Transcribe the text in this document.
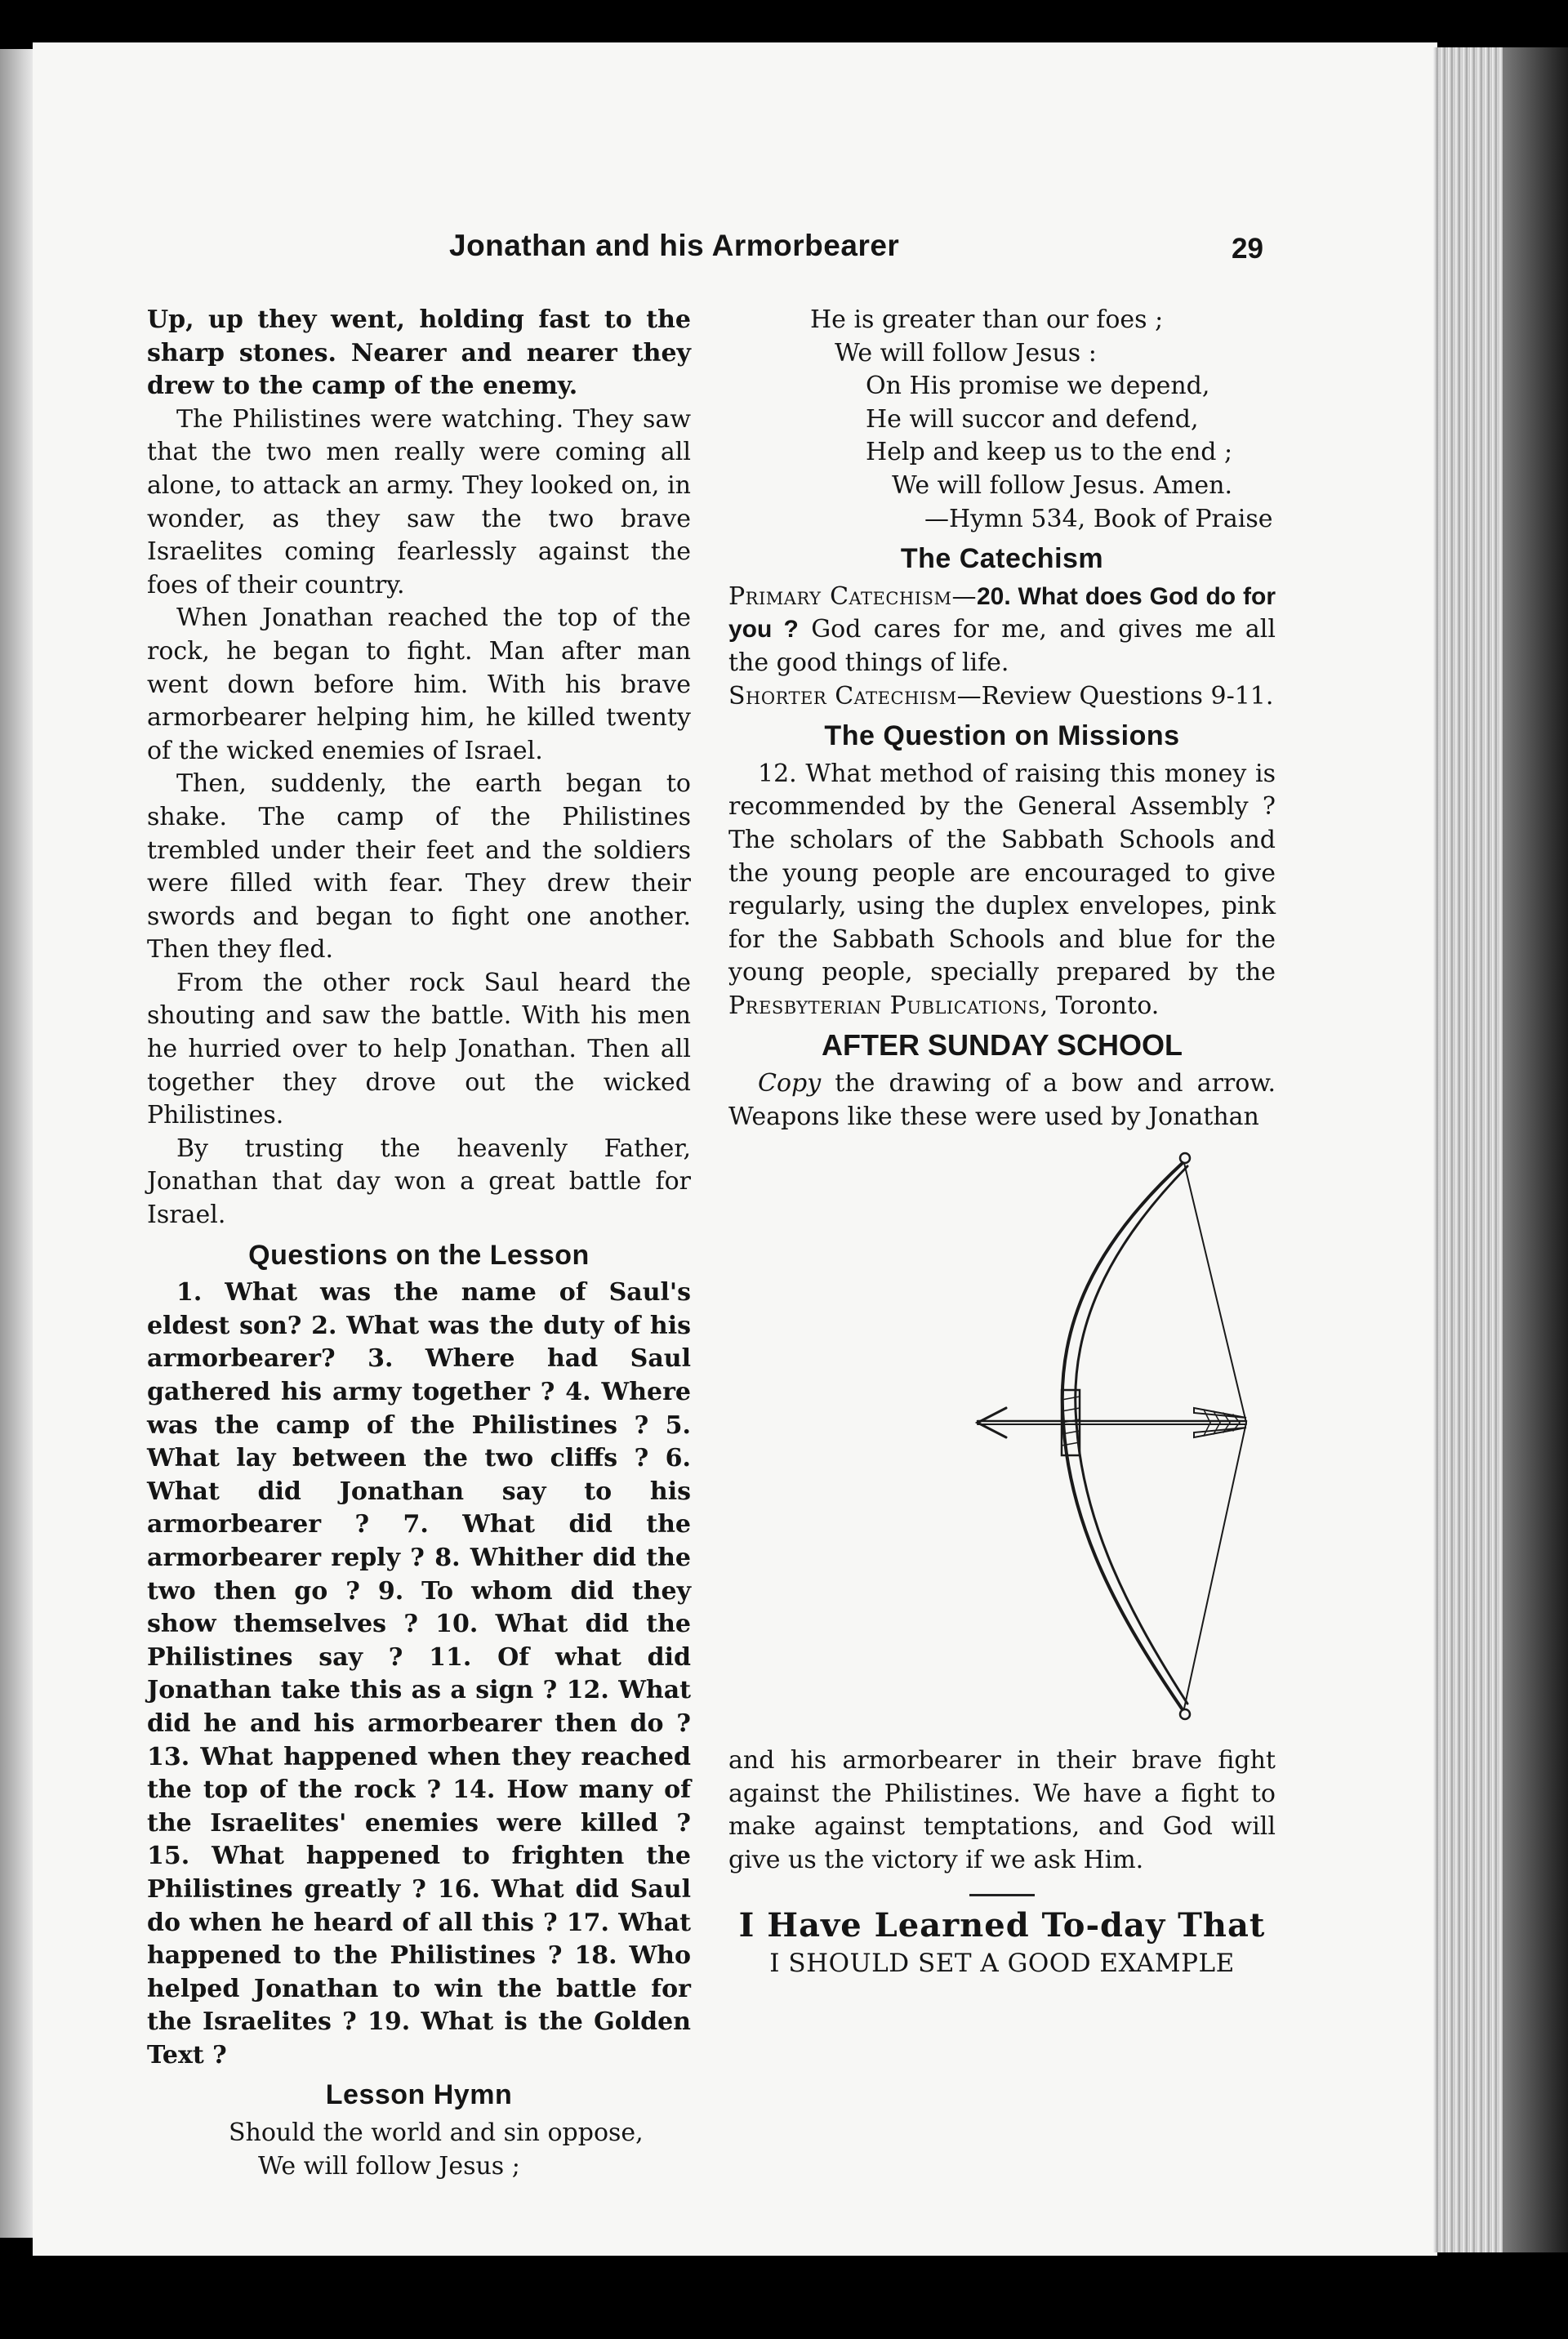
Jonathan and his Armorbearer	29

Up, up they went, holding fast to the sharp stones. Nearer and nearer they drew to the camp of the enemy.

The Philistines were watching. They saw that the two men really were coming all alone, to attack an army. They looked on, in wonder, as they saw the two brave Israelites coming fearlessly against the foes of their country.

When Jonathan reached the top of the rock, he began to fight. Man after man went down before him. With his brave armorbearer helping him, he killed twenty of the wicked enemies of Israel.

Then, suddenly, the earth began to shake. The camp of the Philistines trembled under their feet and the soldiers were filled with fear. They drew their swords and began to fight one another. Then they fled.

From the other rock Saul heard the shouting and saw the battle. With his men he hurried over to help Jonathan. Then all together they drove out the wicked Philistines.

By trusting the heavenly Father, Jonathan that day won a great battle for Israel.

Questions on the Lesson

1. What was the name of Saul's eldest son? 2. What was the duty of his armorbearer? 3. Where had Saul gathered his army together ? 4. Where was the camp of the Philistines ? 5. What lay between the two cliffs ? 6. What did Jonathan say to his armorbearer ? 7. What did the armorbearer reply ? 8. Whither did the two then go ? 9. To whom did they show themselves ? 10. What did the Philistines say ? 11. Of what did Jonathan take this as a sign ? 12. What did he and his armorbearer then do ? 13. What happened when they reached the top of the rock ? 14. How many of the Israelites' enemies were killed ? 15. What happened to frighten the Philistines greatly ? 16. What did Saul do when he heard of all this ? 17. What happened to the Philistines ? 18. Who helped Jonathan to win the battle for the Israelites ? 19. What is the Golden Text ?

Lesson Hymn
Should the world and sin oppose,
We will follow Jesus ;
He is greater than our foes ;
We will follow Jesus :
On His promise we depend,
He will succor and defend,
Help and keep us to the end ;
We will follow Jesus. Amen.
—Hymn 534, Book of Praise
The Catechism

Primary Catechism—20. What does God do for you ? God cares for me, and gives me all the good things of life.

Shorter Catechism—Review Questions 9-11.

The Question on Missions

12. What method of raising this money is recommended by the General Assembly ? The scholars of the Sabbath Schools and the young people are encouraged to give regularly, using the duplex envelopes, pink for the Sabbath Schools and blue for the young people, specially prepared by the Presbyterian Publications, Toronto.

AFTER SUNDAY SCHOOL

Copy the drawing of a bow and arrow. Weapons like these were used by Jonathan

and his armorbearer in their brave fight against the Philistines. We have a fight to make against temptations, and God will give us the victory if we ask Him.

I Have Learned To-day That
I SHOULD SET A GOOD EXAMPLE
